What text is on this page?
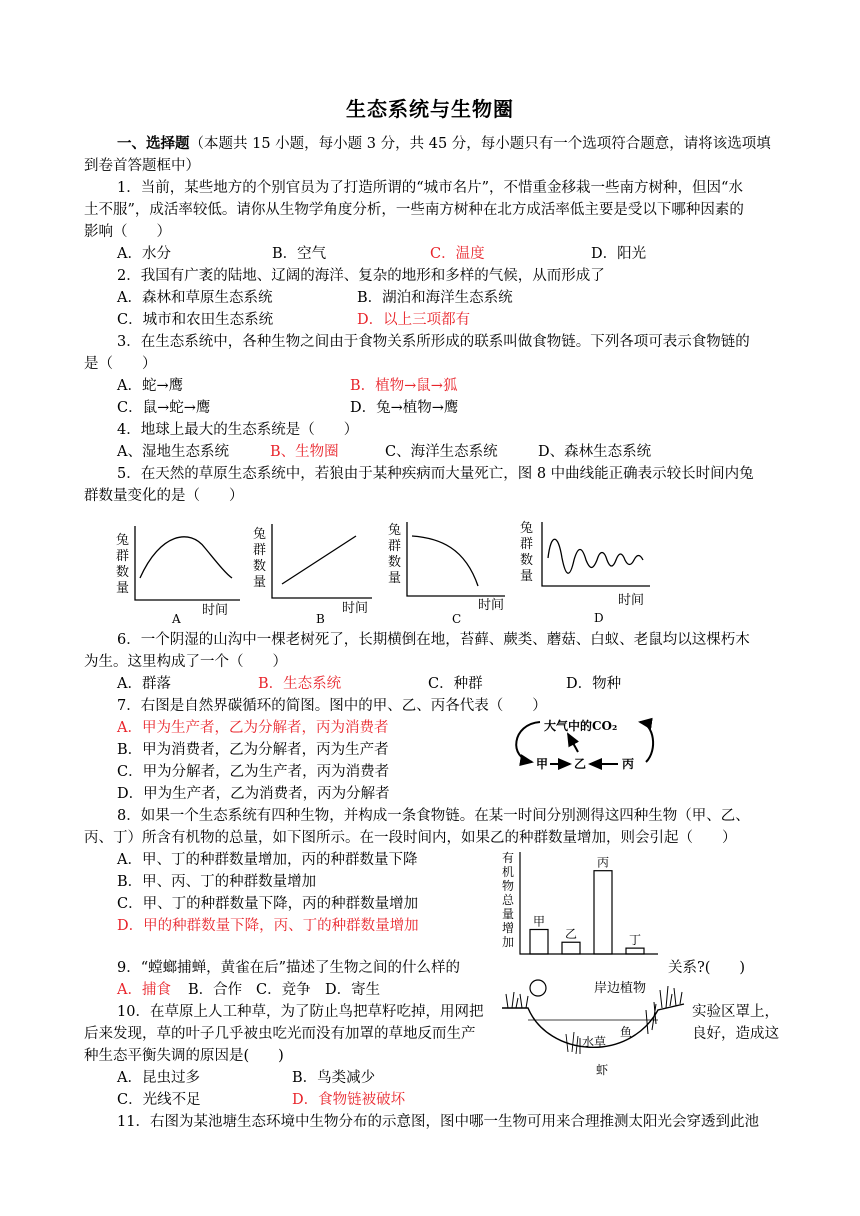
生态系统与生物圈
一、选择题（本题共 15 小题，每小题 3 分，共 45 分，每小题只有一个选项符合题意，请将该选项填
到卷首答题框中）
1．当前，某些地方的个别官员为了打造所谓的“城市名片”，不惜重金移栽一些南方树种，但因“水
土不服”，成活率较低。请你从生物学角度分析，一些南方树种在北方成活率低主要是受以下哪种因素的
影响（　　）
A．水分	B．空气	C．温度	D．阳光
2．我国有广袤的陆地、辽阔的海洋、复杂的地形和多样的气候，从而形成了
A．森林和草原生态系统	B．湖泊和海洋生态系统
C．城市和农田生态系统	D．以上三项都有
3．在生态系统中，各种生物之间由于食物关系所形成的联系叫做食物链。下列各项可表示食物链的
是（　　）
A．蛇→鹰	B．植物→鼠→狐
C．鼠→蛇→鹰	D．兔→植物→鹰
4．地球上最大的生态系统是（　　）
A、湿地生态系统	B、生物圈	C、海洋生态系统	D、森林生态系统
5．在天然的草原生态系统中，若狼由于某种疾病而大量死亡，图 8 中曲线能正确表示较长时间内兔
群数量变化的是（　　）
兔
群
数
量
时间
A
兔
群
数
量
时间
B
兔
群
数
量
时间
C
兔
群
数
量
时间
D
6．一个阴湿的山沟中一棵老树死了，长期横倒在地，苔藓、蕨类、蘑菇、白蚁、老鼠均以这棵朽木
为生。这里构成了一个（　　）
A．群落	B．生态系统	C．种群	D．物种
7．右图是自然界碳循环的简图。图中的甲、乙、丙各代表（　　）
A．甲为生产者，乙为分解者，丙为消费者
B．甲为消费者，乙为分解者，丙为生产者
C．甲为分解者，乙为生产者，丙为消费者
D．甲为生产者，乙为消费者，丙为分解者
大气中的CO₂
甲 乙	丙
8．如果一个生态系统有四种生物，并构成一条食物链。在某一时间分别测得这四种生物（甲、乙、
丙、丁）所含有机物的总量，如下图所示。在一段时间内，如果乙的种群数量增加，则会引起（　　）
A．甲、丁的种群数量增加，丙的种群数量下降
B．甲、丙、丁的种群数量增加
C．甲、丁的种群数量下降，丙的种群数量增加
D．甲的种群数量下降，丙、丁的种群数量增加
有
机
物
总
量
增
加
甲
乙
丙
丁
9．“螳螂捕蝉，黄雀在后”描述了生物之间的什么样的	关系?(　　)
A．捕食 B．合作 C．竞争 D．寄生	岸边植物
鱼
水草
虾
10．在草原上人工种草，为了防止鸟把草籽吃掉，用网把	实验区罩上，
后来发现，草的叶子几乎被虫吃光而没有加罩的草地反而生产	良好，造成这
种生态平衡失调的原因是(　　)
A．昆虫过多	B．鸟类减少
C．光线不足	D．食物链被破坏
11．右图为某池塘生态环境中生物分布的示意图，图中哪一生物可用来合理推测太阳光会穿透到此池
